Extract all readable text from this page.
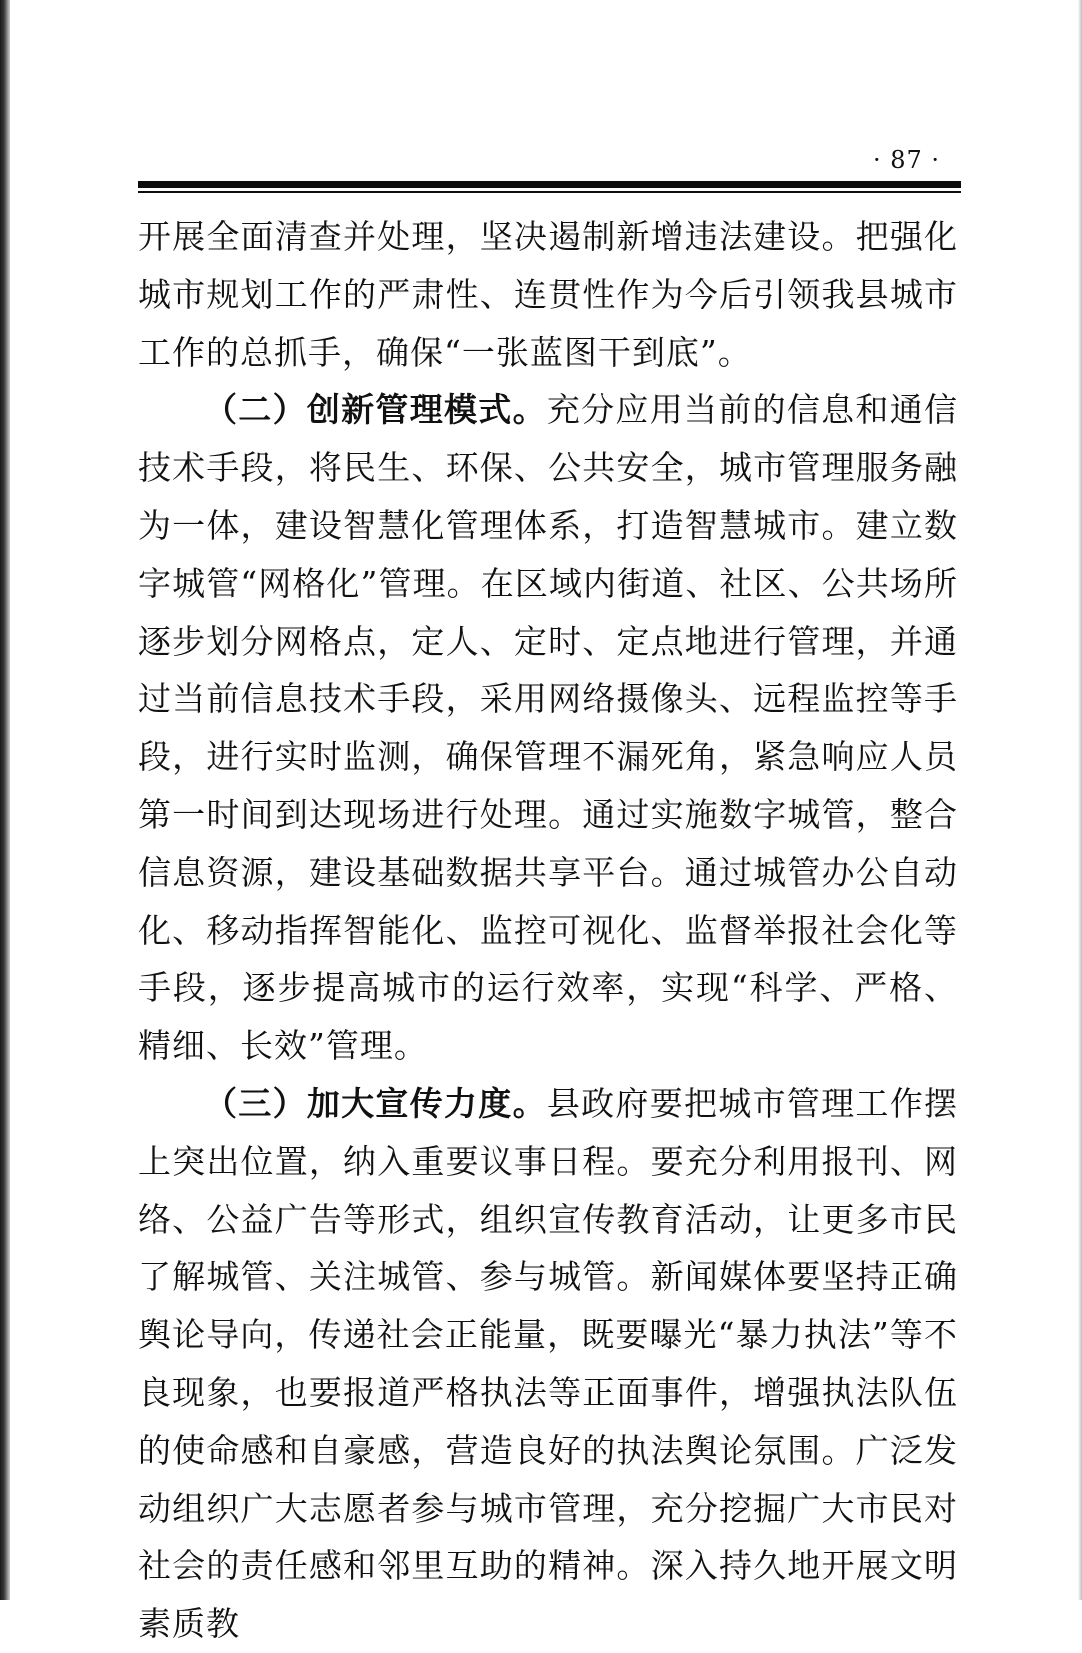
· 87 ·

开展全面清查并处理，坚决遏制新增违法建设。把强化城市规划工作的严肃性、连贯性作为今后引领我县城市工作的总抓手，确保“一张蓝图干到底”。

（二）创新管理模式。充分应用当前的信息和通信技术手段，将民生、环保、公共安全，城市管理服务融为一体，建设智慧化管理体系，打造智慧城市。建立数字城管“网格化”管理。在区域内街道、社区、公共场所逐步划分网格点，定人、定时、定点地进行管理，并通过当前信息技术手段，采用网络摄像头、远程监控等手段，进行实时监测，确保管理不漏死角，紧急响应人员第一时间到达现场进行处理。通过实施数字城管，整合信息资源，建设基础数据共享平台。通过城管办公自动化、移动指挥智能化、监控可视化、监督举报社会化等手段，逐步提高城市的运行效率，实现“科学、严格、精细、长效”管理。

（三）加大宣传力度。县政府要把城市管理工作摆上突出位置，纳入重要议事日程。要充分利用报刊、网络、公益广告等形式，组织宣传教育活动，让更多市民了解城管、关注城管、参与城管。新闻媒体要坚持正确舆论导向，传递社会正能量，既要曝光“暴力执法”等不良现象，也要报道严格执法等正面事件，增强执法队伍的使命感和自豪感，营造良好的执法舆论氛围。广泛发动组织广大志愿者参与城市管理，充分挖掘广大市民对社会的责任感和邻里互助的精神。深入持久地开展文明素质教
